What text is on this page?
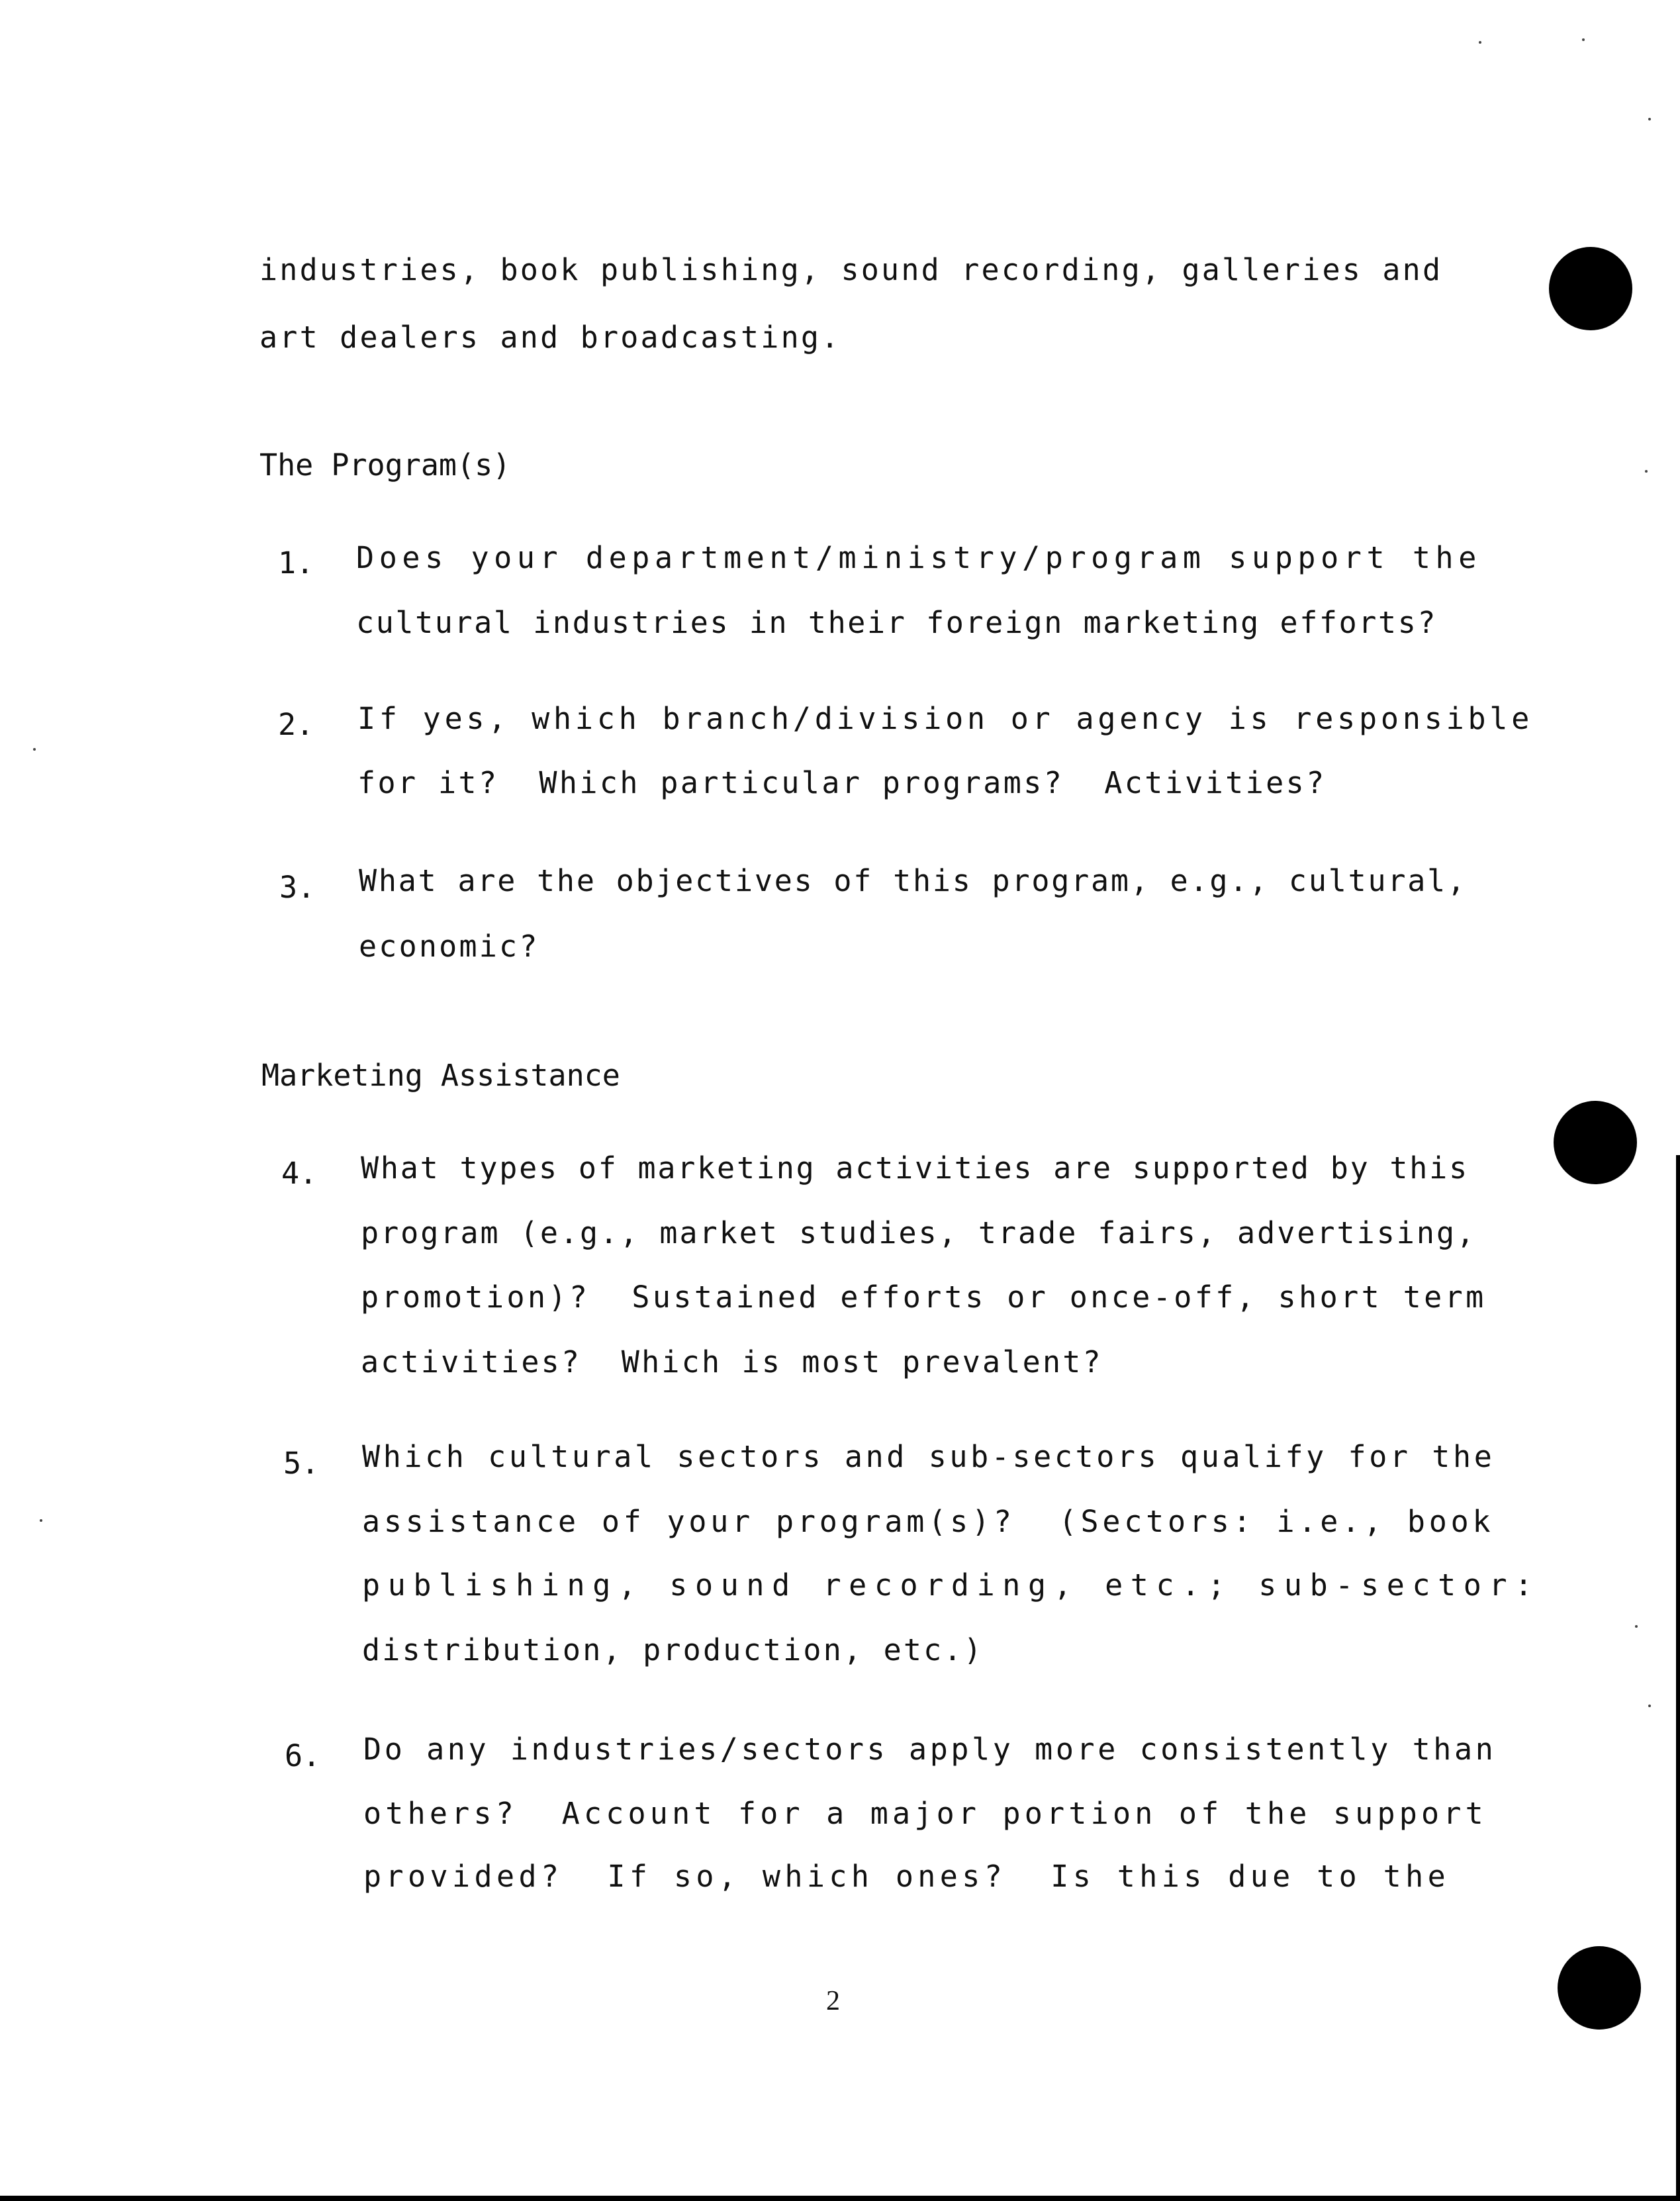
industries, book publishing, sound recording, galleries and
art dealers and broadcasting.
The Program(s)
1. Does your department/ministry/program support the
cultural industries in their foreign marketing efforts?
2. If yes, which branch/division or agency is responsible
for it?  Which particular programs?  Activities?
3. What are the objectives of this program, e.g., cultural,
economic?
Marketing Assistance
4. What types of marketing activities are supported by this
program (e.g., market studies, trade fairs, advertising,
promotion)?  Sustained efforts or once-off, short term
activities?  Which is most prevalent?
5. Which cultural sectors and sub-sectors qualify for the
assistance of your program(s)?  (Sectors: i.e., book
publishing, sound recording, etc.; sub-sector:
distribution, production, etc.)
6. Do any industries/sectors apply more consistently than
others?  Account for a major portion of the support
provided?  If so, which ones?  Is this due to the
2
